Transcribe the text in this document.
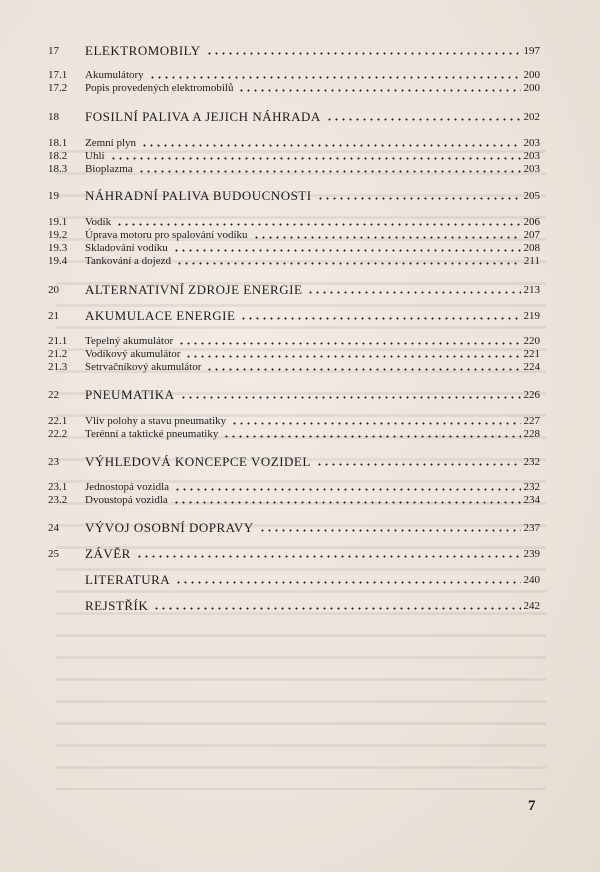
17	ELEKTROMOBILY	197
17.1	Akumulátory	200
17.2	Popis provedených elektromobilů	200
18	FOSILNÍ PALIVA A JEJICH NÁHRADA	202
18.1	Zemní plyn	203
18.2	Uhlí	203
18.3	Bioplazma	203
19	NÁHRADNÍ PALIVA BUDOUCNOSTI	205
19.1	Vodík	206
19.2	Úprava motoru pro spalování vodíku	207
19.3	Skladování vodíku	208
19.4	Tankování a dojezd	211
20	ALTERNATIVNÍ ZDROJE ENERGIE	213
21	AKUMULACE ENERGIE	219
21.1	Tepelný akumulátor	220
21.2	Vodíkový akumulátor	221
21.3	Setrvačníkový akumulátor	224
22	PNEUMATIKA	226
22.1	Vliv polohy a stavu pneumatiky	227
22.2	Terénní a taktické pneumatiky	228
23	VÝHLEDOVÁ KONCEPCE VOZIDEL	232
23.1	Jednostopá vozidla	232
23.2	Dvoustopá vozidla	234
24	VÝVOJ OSOBNÍ DOPRAVY	237
25	ZÁVĚR	239
LITERATURA	240
REJSTŘÍK	242
7
